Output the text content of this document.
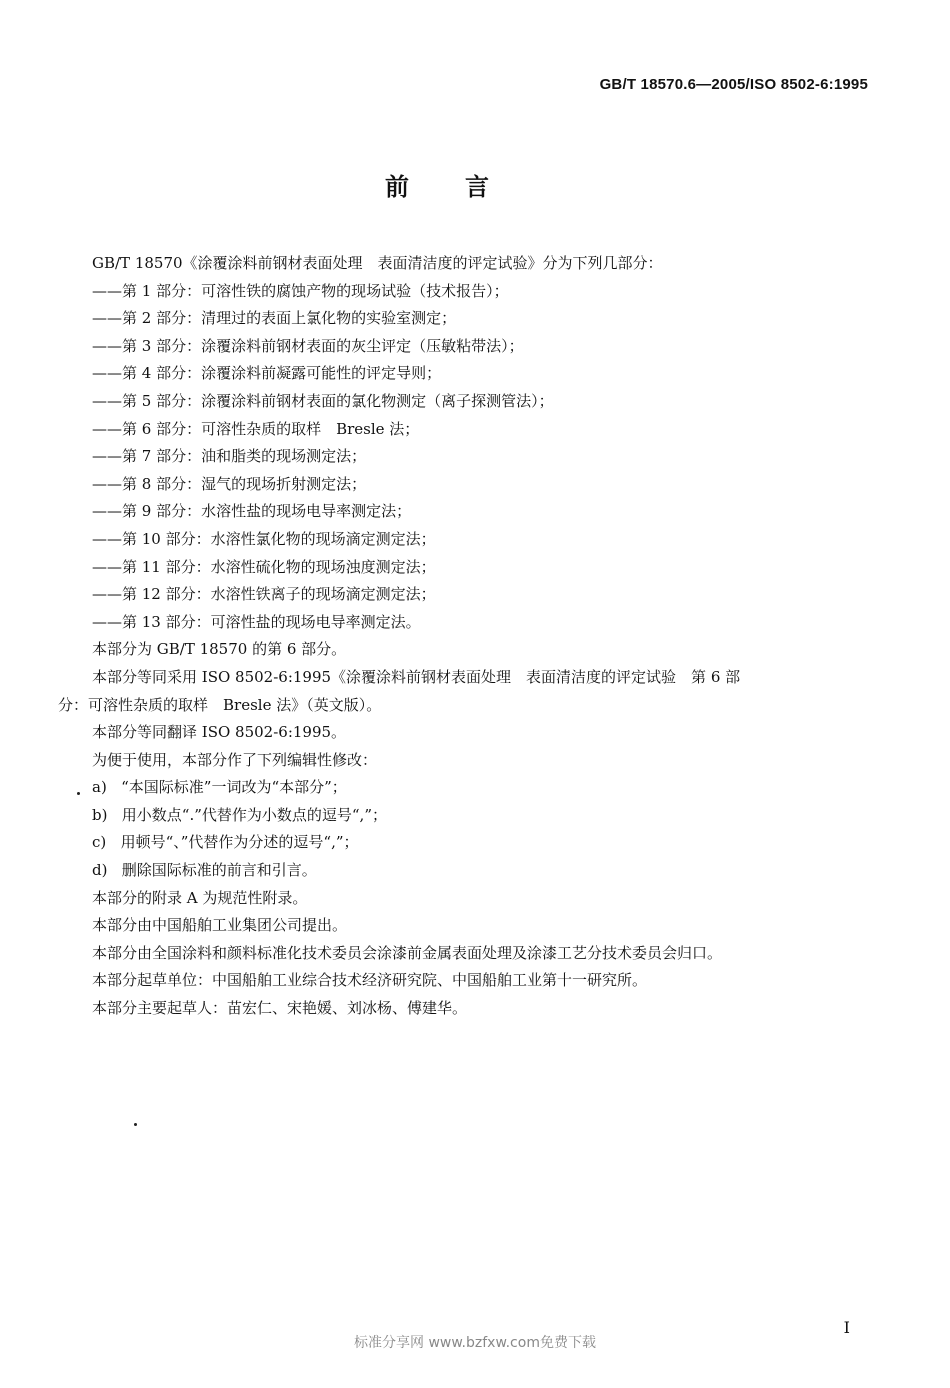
GB/T 18570.6—2005/ISO 8502-6:1995
前言
GB/T 18570《涂覆涂料前钢材表面处理　表面清洁度的评定试验》分为下列几部分：
—— 第 1 部分：可溶性铁的腐蚀产物的现场试验（技术报告）；
—— 第 2 部分：清理过的表面上氯化物的实验室测定；
—— 第 3 部分：涂覆涂料前钢材表面的灰尘评定（压敏粘带法）；
—— 第 4 部分：涂覆涂料前凝露可能性的评定导则；
—— 第 5 部分：涂覆涂料前钢材表面的氯化物测定（离子探测管法）；
—— 第 6 部分：可溶性杂质的取样　Bresle 法；
—— 第 7 部分：油和脂类的现场测定法；
—— 第 8 部分：湿气的现场折射测定法；
—— 第 9 部分：水溶性盐的现场电导率测定法；
—— 第 10 部分：水溶性氯化物的现场滴定测定法；
—— 第 11 部分：水溶性硫化物的现场浊度测定法；
—— 第 12 部分：水溶性铁离子的现场滴定测定法；
—— 第 13 部分：可溶性盐的现场电导率测定法。
本部分为 GB/T 18570 的第 6 部分。
本部分等同采用 ISO 8502-6:1995《涂覆涂料前钢材表面处理　表面清洁度的评定试验　第 6 部
分：可溶性杂质的取样　Bresle 法》（英文版）。
本部分等同翻译 ISO 8502-6:1995。
为便于使用，本部分作了下列编辑性修改：
a) “本国际标准”一词改为“本部分”；
b) 用小数点“.”代替作为小数点的逗号“,”；
c) 用顿号“、”代替作为分述的逗号“,”；
d) 删除国际标准的前言和引言。
本部分的附录 A 为规范性附录。
本部分由中国船舶工业集团公司提出。
本部分由全国涂料和颜料标准化技术委员会涂漆前金属表面处理及涂漆工艺分技术委员会归口。
本部分起草单位：中国船舶工业综合技术经济研究院、中国船舶工业第十一研究所。
本部分主要起草人：苗宏仁、宋艳媛、刘冰杨、傅建华。
I
标准分享网 www.bzfxw.com免费下载
